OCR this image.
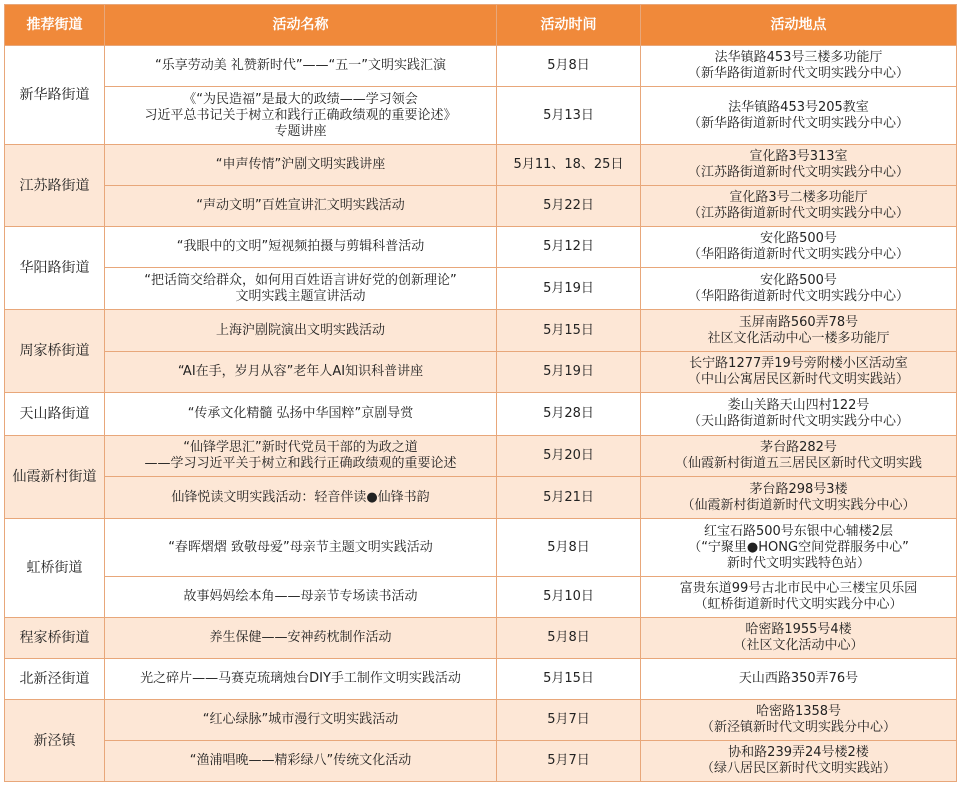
推荐街道	活动名称	活动时间	活动地点
新华路街道	“乐享劳动美 礼赞新时代”——“五一”文明实践汇演	5月8日	法华镇路453号三楼多功能厅
（新华路街道新时代文明实践分中心）
	《“为民造福”是最大的政绩——学习领会
习近平总书记关于树立和践行正确政绩观的重要论述》
专题讲座	5月13日	法华镇路453号205教室
（新华路街道新时代文明实践分中心）
江苏路街道	“申声传情”沪剧文明实践讲座	5月11、18、25日	宣化路3号313室
（江苏路街道新时代文明实践分中心）
	“声动文明”百姓宣讲汇文明实践活动	5月22日	宣化路3号二楼多功能厅
（江苏路街道新时代文明实践分中心）
华阳路街道	“我眼中的文明”短视频拍摄与剪辑科普活动	5月12日	安化路500号
（华阳路街道新时代文明实践分中心）
	“把话筒交给群众，如何用百姓语言讲好党的创新理论”
文明实践主题宣讲活动	5月19日	安化路500号
（华阳路街道新时代文明实践分中心）
周家桥街道	上海沪剧院演出文明实践活动	5月15日	玉屏南路560弄78号
社区文化活动中心一楼多功能厅
	“AI在手，岁月从容”老年人AI知识科普讲座	5月19日	长宁路1277弄19号旁附楼小区活动室
（中山公寓居民区新时代文明实践站）
天山路街道	“传承文化精髓 弘扬中华国粹”京剧导赏	5月28日	娄山关路天山四村122号
（天山路街道新时代文明实践分中心）
仙霞新村街道	“仙锋学思汇”新时代党员干部的为政之道
——学习习近平关于树立和践行正确政绩观的重要论述	5月20日	茅台路282号
（仙霞新村街道五三居民区新时代文明实践
	仙锋悦读文明实践活动：轻音伴读●仙锋书韵	5月21日	茅台路298号3楼
（仙霞新村街道新时代文明实践分中心）
虹桥街道	“春晖熠熠 致敬母爱”母亲节主题文明实践活动	5月8日	红宝石路500号东银中心辅楼2层
（“宁聚里●HONG空间党群服务中心”
新时代文明实践特色站）
	故事妈妈绘本角——母亲节专场读书活动	5月10日	富贵东道99号古北市民中心三楼宝贝乐园
（虹桥街道新时代文明实践分中心）
程家桥街道	养生保健——安神药枕制作活动	5月8日	哈密路1955号4楼
（社区文化活动中心）
北新泾街道	光之碎片——马赛克琉璃烛台DIY手工制作文明实践活动	5月15日	天山西路350弄76号
新泾镇	“红心绿脉”城市漫行文明实践活动	5月7日	哈密路1358号
（新泾镇新时代文明实践分中心）
	“渔浦唱晚——精彩绿八”传统文化活动	5月7日	协和路239弄24号楼2楼
（绿八居民区新时代文明实践站）
